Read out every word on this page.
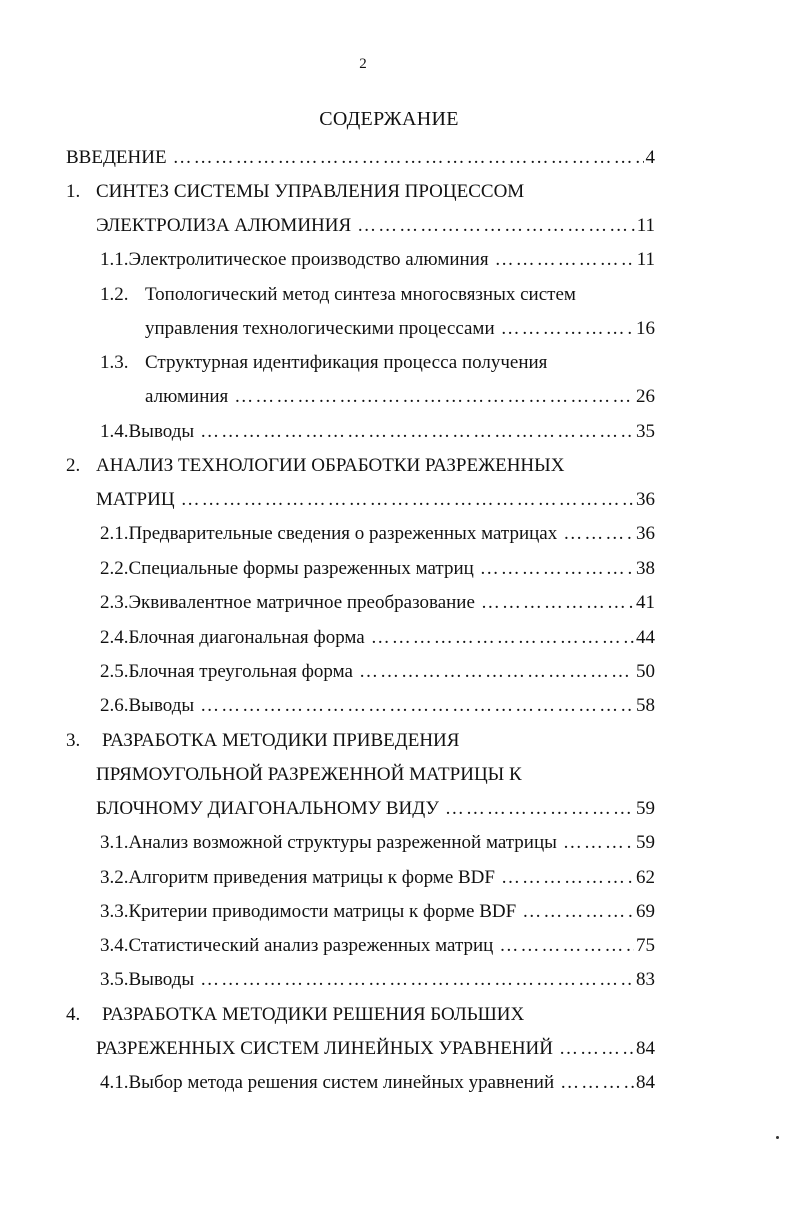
2
СОДЕРЖАНИЕ
ВВЕДЕНИЕ …………………………………………………………………………………………………………………………………………………………	4
1. СИНТЕЗ СИСТЕМЫ УПРАВЛЕНИЯ ПРОЦЕССОМ
ЭЛЕКТРОЛИЗА АЛЮМИНИЯ …………………………………………………………………………………………………………………………………………………………	11
1.1. Электролитическое производство алюминия …………………………………………………………………………………………………………………………………………………………	11
1.2. Топологический метод синтеза многосвязных систем
управления технологическими процессами …………………………………………………………………………………………………………………………………………………………	16
1.3. Структурная идентификация процесса получения
алюминия …………………………………………………………………………………………………………………………………………………………	26
1.4. Выводы …………………………………………………………………………………………………………………………………………………………	35
2. АНАЛИЗ ТЕХНОЛОГИИ ОБРАБОТКИ РАЗРЕЖЕННЫХ
МАТРИЦ …………………………………………………………………………………………………………………………………………………………	36
2.1. Предварительные сведения о разреженных матрицах …………………………………………………………………………………………………………………………………………………………	36
2.2. Специальные формы разреженных матриц …………………………………………………………………………………………………………………………………………………………	38
2.3. Эквивалентное матричное преобразование …………………………………………………………………………………………………………………………………………………………	41
2.4. Блочная диагональная форма …………………………………………………………………………………………………………………………………………………………	44
2.5. Блочная треугольная форма …………………………………………………………………………………………………………………………………………………………	50
2.6. Выводы …………………………………………………………………………………………………………………………………………………………	58
3.	РАЗРАБОТКА МЕТОДИКИ ПРИВЕДЕНИЯ
ПРЯМОУГОЛЬНОЙ РАЗРЕЖЕННОЙ МАТРИЦЫ К
БЛОЧНОМУ ДИАГОНАЛЬНОМУ ВИДУ …………………………………………………………………………………………………………………………………………………………	59
3.1. Анализ возможной структуры разреженной матрицы …………………………………………………………………………………………………………………………………………………………	59
3.2. Алгоритм приведения матрицы к форме BDF …………………………………………………………………………………………………………………………………………………………	62
3.3. Критерии приводимости матрицы к форме BDF …………………………………………………………………………………………………………………………………………………………	69
3.4. Статистический анализ разреженных матриц …………………………………………………………………………………………………………………………………………………………	75
3.5. Выводы …………………………………………………………………………………………………………………………………………………………	83
4.	РАЗРАБОТКА МЕТОДИКИ РЕШЕНИЯ БОЛЬШИХ
РАЗРЕЖЕННЫХ СИСТЕМ ЛИНЕЙНЫХ УРАВНЕНИЙ …………………………………………………………………………………………………………………………………………………………	84
4.1. Выбор метода решения систем линейных уравнений …………………………………………………………………………………………………………………………………………………………	84
